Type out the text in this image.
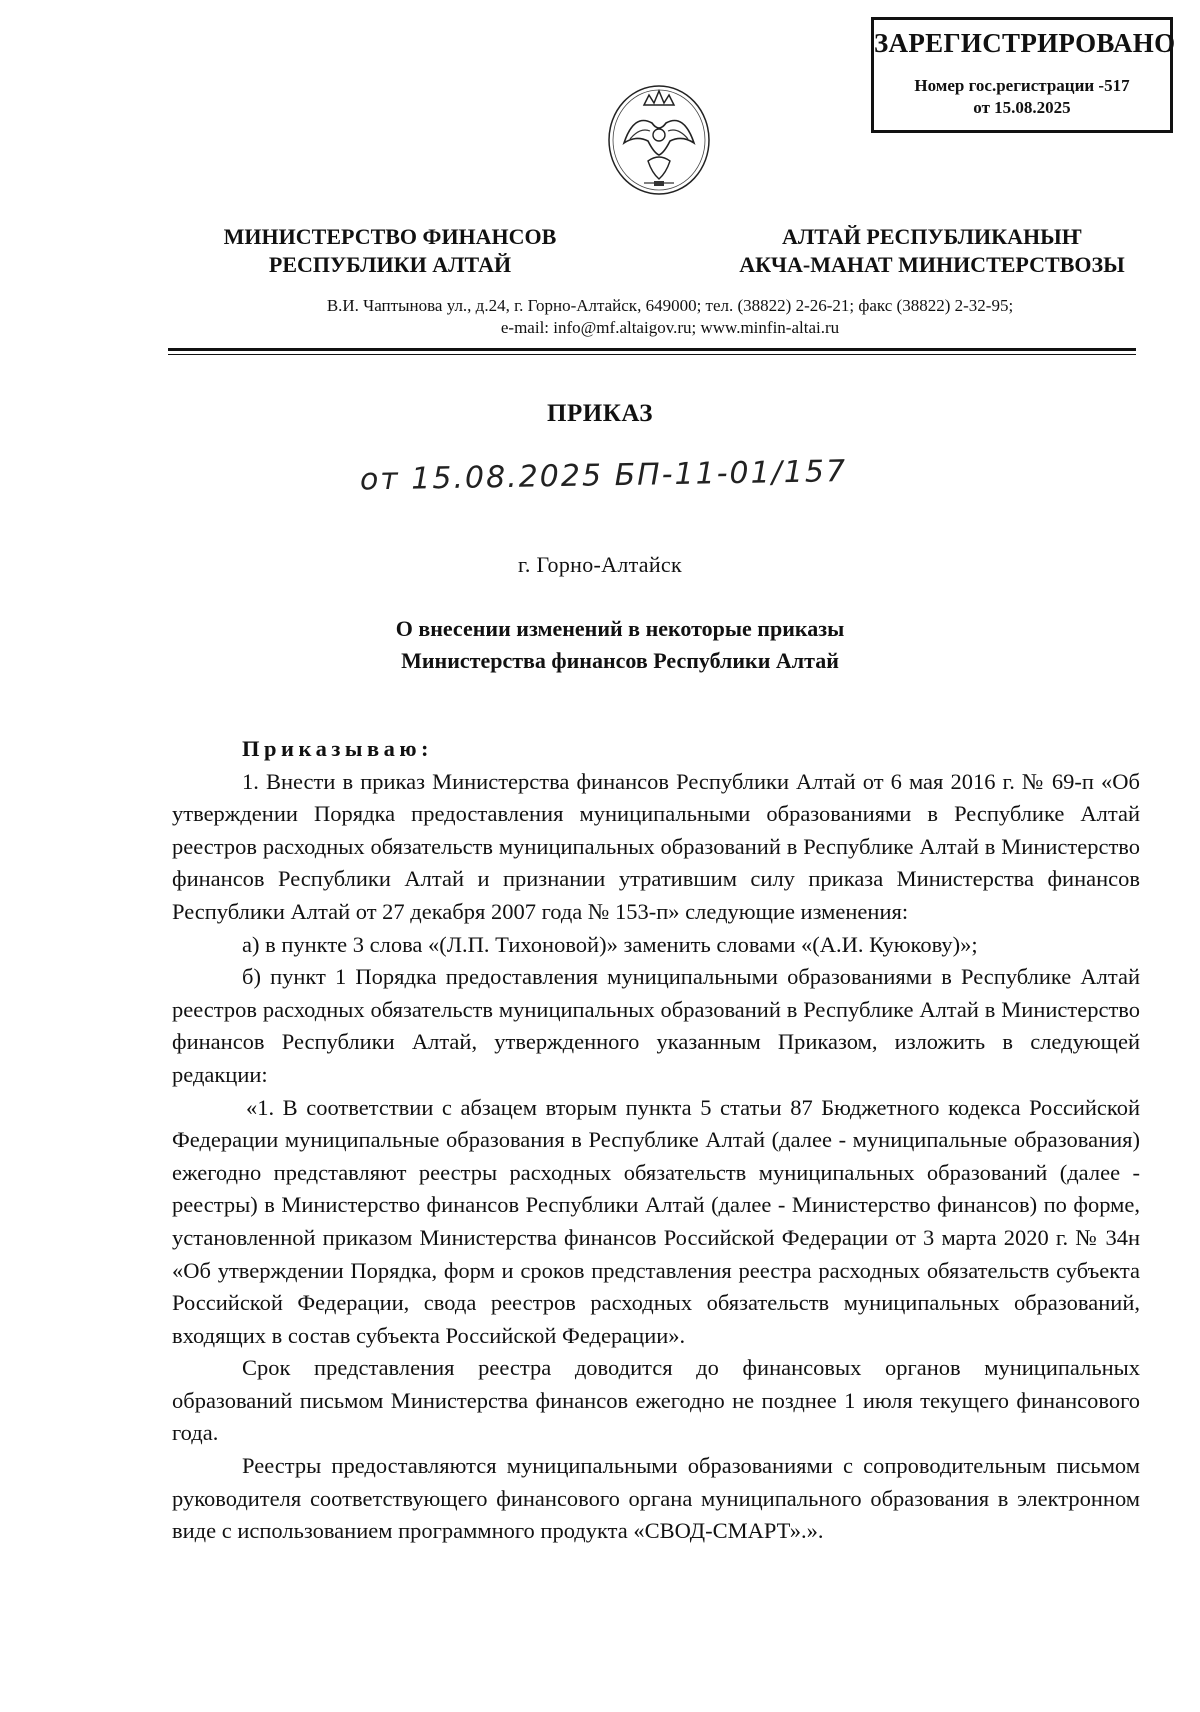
ЗАРЕГИСТРИРОВАНО
Номер гос.регистрации -517
от 15.08.2025
МИНИСТЕРСТВО ФИНАНСОВ
РЕСПУБЛИКИ АЛТАЙ
АЛТАЙ РЕСПУБЛИКАНЫҤ
АКЧА-МАНАТ МИНИСТЕРСТВОЗЫ
В.И. Чаптынова ул., д.24, г. Горно-Алтайск, 649000; тел. (38822) 2-26-21; факс (38822) 2-32-95;
e-mail: info@mf.altaigov.ru; www.minfin-altai.ru
ПРИКАЗ
от 15.08.2025 БП-11-01/157
г. Горно-Алтайск
О внесении изменений в некоторые приказы
Министерства финансов Республики Алтай
Приказываю:

1. Внести в приказ Министерства финансов Республики Алтай от 6 мая 2016 г. № 69-п «Об утверждении Порядка предоставления муниципальными образованиями в Республике Алтай реестров расходных обязательств муниципальных образований в Республике Алтай в Министерство финансов Республики Алтай и признании утратившим силу приказа Министерства финансов Республики Алтай от 27 декабря 2007 года № 153-п» следующие изменения:

а) в пункте 3 слова «(Л.П. Тихоновой)» заменить словами «(А.И. Куюкову)»;

б) пункт 1 Порядка предоставления муниципальными образованиями в Республике Алтай реестров расходных обязательств муниципальных образований в Республике Алтай в Министерство финансов Республики Алтай, утвержденного указанным Приказом, изложить в следующей редакции:

«1. В соответствии с абзацем вторым пункта 5 статьи 87 Бюджетного кодекса Российской Федерации муниципальные образования в Республике Алтай (далее - муниципальные образования) ежегодно представляют реестры расходных обязательств муниципальных образований (далее - реестры) в Министерство финансов Республики Алтай (далее - Министерство финансов) по форме, установленной приказом Министерства финансов Российской Федерации от 3 марта 2020 г. № 34н «Об утверждении Порядка, форм и сроков представления реестра расходных обязательств субъекта Российской Федерации, свода реестров расходных обязательств муниципальных образований, входящих в состав субъекта Российской Федерации».

Срок представления реестра доводится до финансовых органов муниципальных образований письмом Министерства финансов ежегодно не позднее 1 июля текущего финансового года.

Реестры предоставляются муниципальными образованиями с сопроводительным письмом руководителя соответствующего финансового органа муниципального образования в электронном виде с использованием программного продукта «СВОД-СМАРТ».».
